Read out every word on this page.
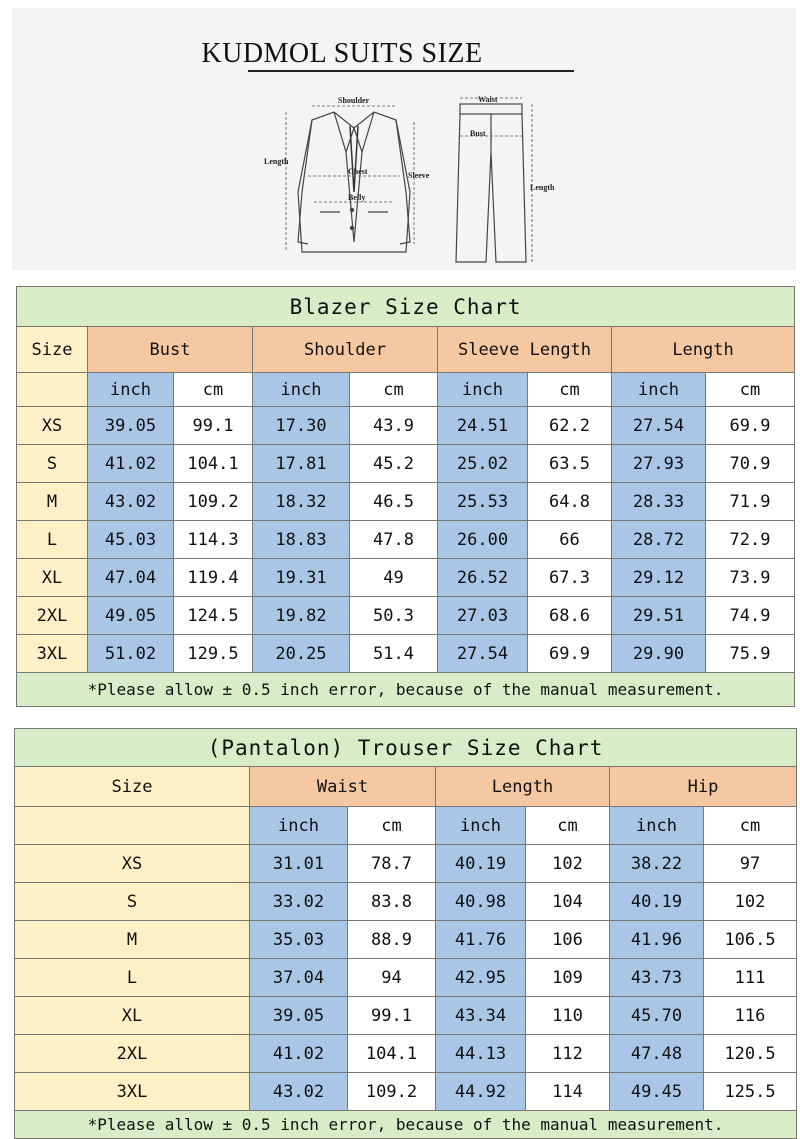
KUDMOL SUITS SIZE
Shoulder
Length
Chest
Belly
Sleeve
Waist
Bust
Length
Blazer Size Chart								
Size	Bust		Shoulder		Sleeve Length		Length	
	inch	cm	inch	cm	inch	cm	inch	cm
XS	39.05	99.1	17.30	43.9	24.51	62.2	27.54	69.9
S	41.02	104.1	17.81	45.2	25.02	63.5	27.93	70.9
M	43.02	109.2	18.32	46.5	25.53	64.8	28.33	71.9
L	45.03	114.3	18.83	47.8	26.00	66	28.72	72.9
XL	47.04	119.4	19.31	49	26.52	67.3	29.12	73.9
2XL	49.05	124.5	19.82	50.3	27.03	68.6	29.51	74.9
3XL	51.02	129.5	20.25	51.4	27.54	69.9	29.90	75.9
*Please allow ± 0.5 inch error, because of the manual measurement.								
(Pantalon) Trouser Size Chart						
Size	Waist		Length		Hip	
	inch	cm	inch	cm	inch	cm
XS	31.01	78.7	40.19	102	38.22	97
S	33.02	83.8	40.98	104	40.19	102
M	35.03	88.9	41.76	106	41.96	106.5
L	37.04	94	42.95	109	43.73	111
XL	39.05	99.1	43.34	110	45.70	116
2XL	41.02	104.1	44.13	112	47.48	120.5
3XL	43.02	109.2	44.92	114	49.45	125.5
*Please allow ± 0.5 inch error, because of the manual measurement.						
